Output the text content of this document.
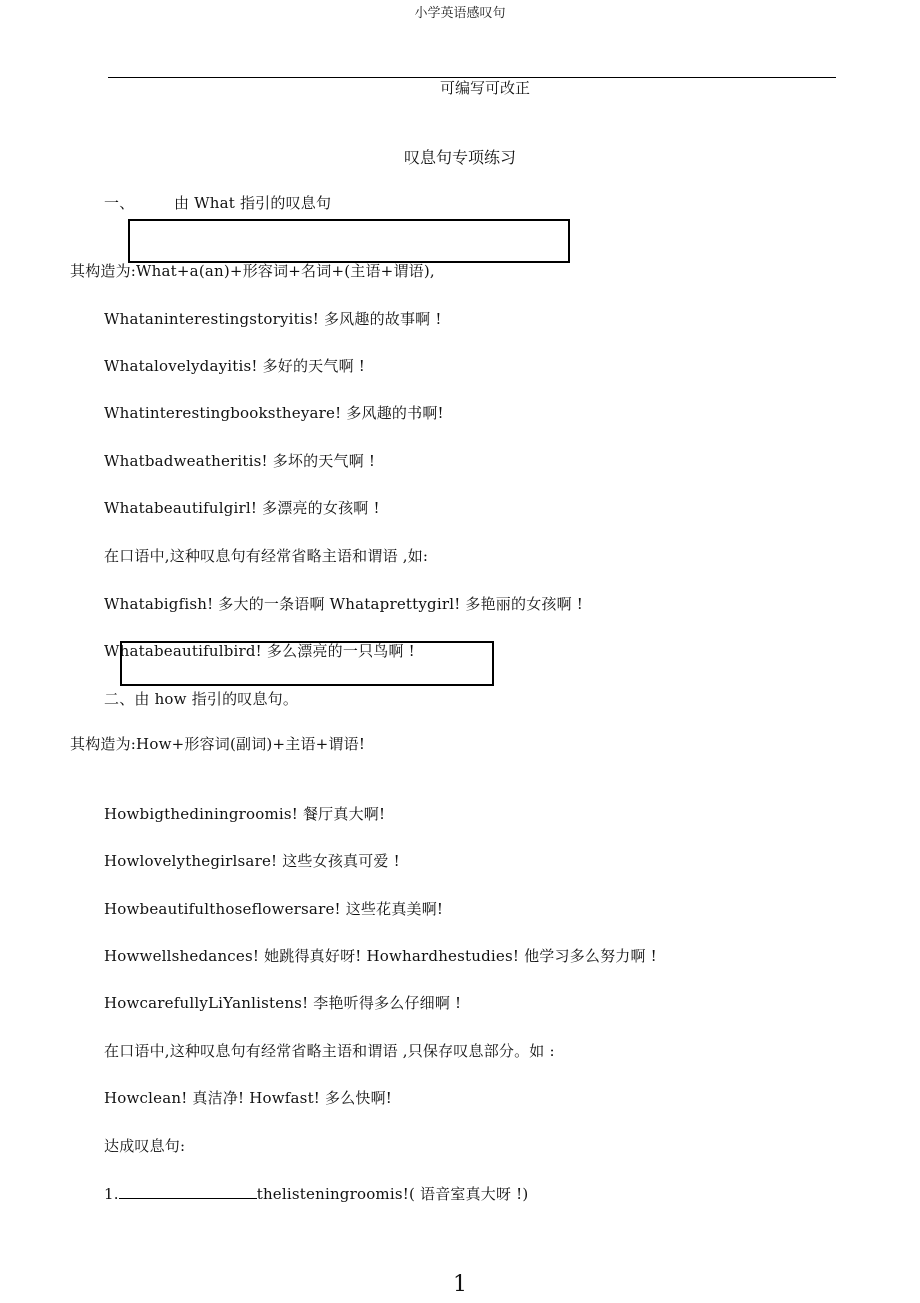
小学英语感叹句
可编写可改正
叹息句专项练习
一、	由 What 指引的叹息句
其构造为:What+a(an)+形容词+名词+(主语+谓语),
Whataninterestingstoryitis! 多风趣的故事啊 !
Whatalovelydayitis! 多好的天气啊 !
Whatinterestingbookstheyare! 多风趣的书啊!
Whatbadweatheritis! 多坏的天气啊 !
Whatabeautifulgirl! 多漂亮的女孩啊 !
在口语中,这种叹息句有经常省略主语和谓语 ,如:
Whatabigfish! 多大的一条语啊 Whataprettygirl! 多艳丽的女孩啊 !
Whatabeautifulbird! 多么漂亮的一只鸟啊 !
二、由 how 指引的叹息句。
其构造为:How+形容词(副词)+主语+谓语!
Howbigthediningroomis! 餐厅真大啊!
Howlovelythegirlsare! 这些女孩真可爱 !
Howbeautifulthoseflowersare! 这些花真美啊!
Howwellshedances! 她跳得真好呀! Howhardhestudies! 他学习多么努力啊 !
HowcarefullyLiYanlistens! 李艳听得多么仔细啊 !
在口语中,这种叹息句有经常省略主语和谓语 ,只保存叹息部分。如 :
Howclean! 真洁净! Howfast! 多么快啊!
达成叹息句:
1.	thelisteningroomis!( 语音室真大呀 !)
1
